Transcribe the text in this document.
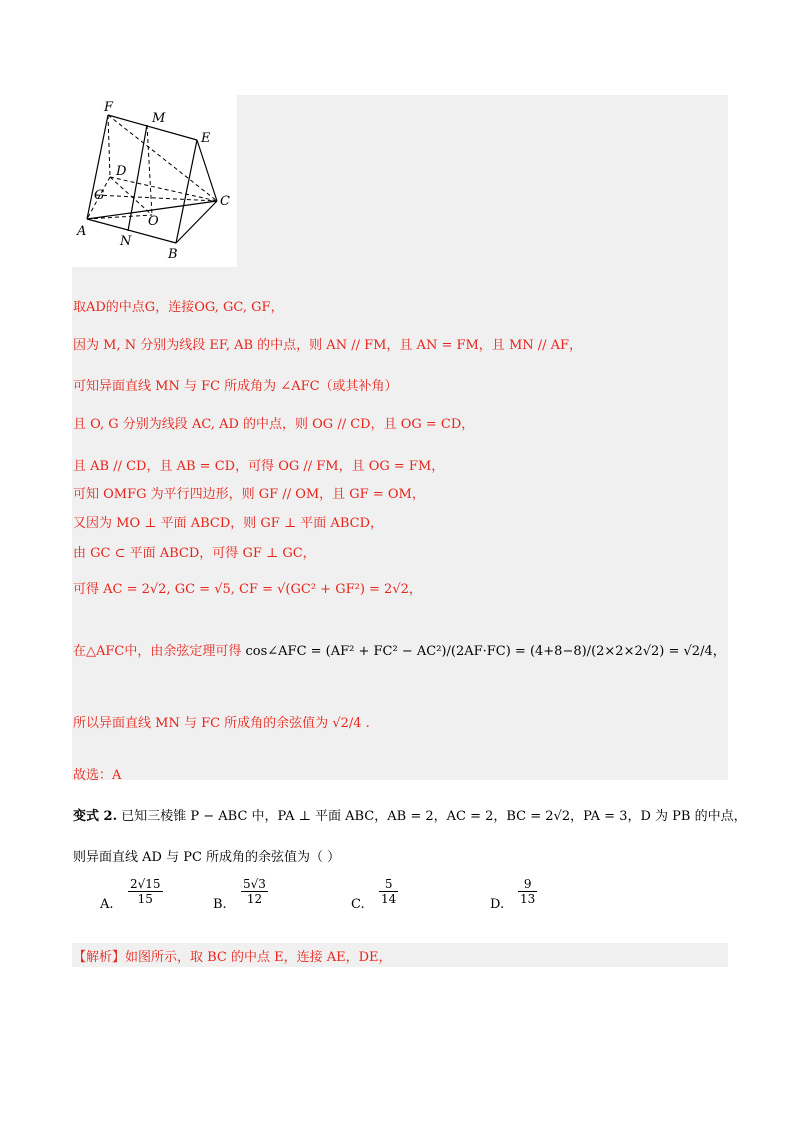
F
M
E
D
G	C
O
A
N
B
取AD的中点G，连接OG, GC, GF，
因为 M, N 分别为线段 EF, AB 的中点，则 AN // FM，且 AN = FM，且 MN // AF，
可知异面直线 MN 与 FC 所成角为 ∠AFC（或其补角）
且 O, G 分别为线段 AC, AD 的中点，则 OG // CD，且 OG = CD，
且 AB // CD，且 AB = CD，可得 OG // FM，且 OG = FM，
可知 OMFG 为平行四边形，则 GF // OM，且 GF = OM，
又因为 MO ⊥ 平面 ABCD，则 GF ⊥ 平面 ABCD，
由 GC ⊂ 平面 ABCD，可得 GF ⊥ GC，
可得 AC = 2√2, GC = √5, CF = √(GC² + GF²) = 2√2，
在△AFC中，由余弦定理可得 cos∠AFC = (AF² + FC² − AC²)/(2AF·FC) = (4+8−8)/(2×2×2√2) = √2/4，
所以异面直线 MN 与 FC 所成角的余弦值为 √2/4 .
故选：A
变式 2. 已知三棱锥 P − ABC 中，PA ⊥ 平面 ABC，AB = 2，AC = 2，BC = 2√2，PA = 3，D 为 PB 的中点，
则异面直线 AD 与 PC 所成角的余弦值为（ ）
A. $\frac{2√15}{15}$	B. $\frac{5√3}{12}$	C. $\frac{5}{14}$	D. $\frac{9}{13}$
【解析】如图所示，取 BC 的中点 E，连接 AE，DE，
